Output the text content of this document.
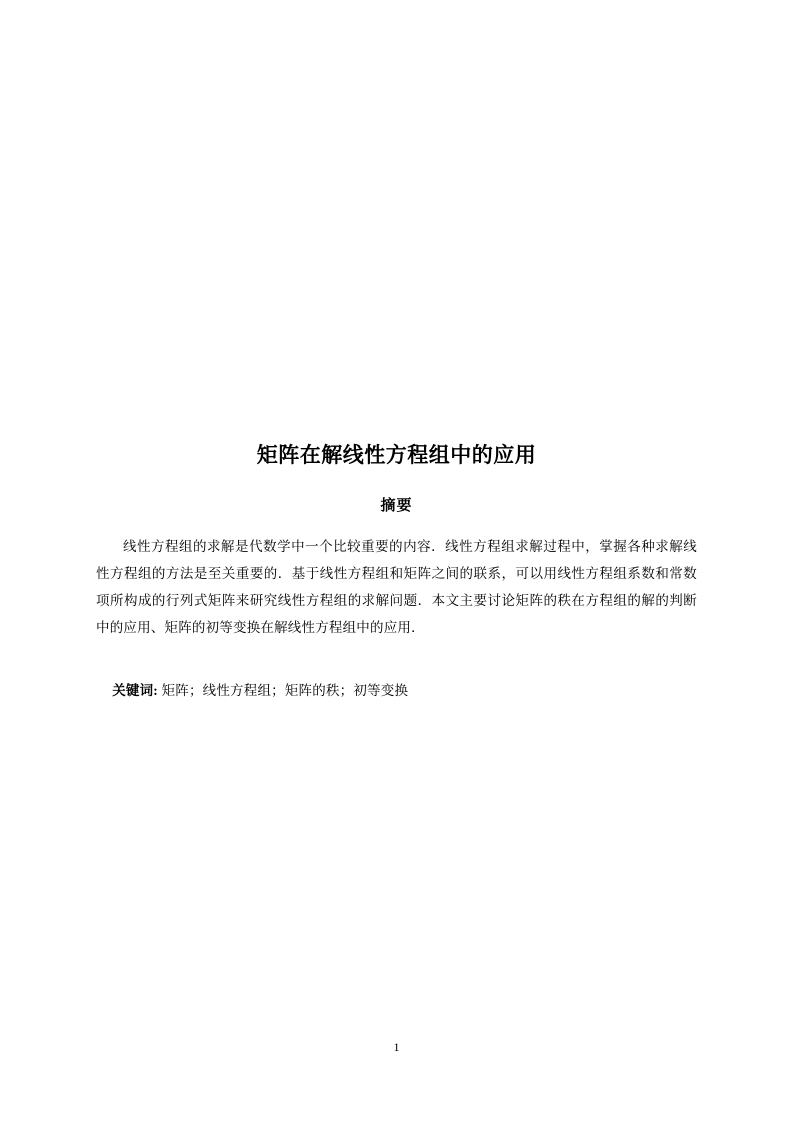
矩阵在解线性方程组中的应用
摘要

线性方程组的求解是代数学中一个比较重要的内容．线性方程组求解过程中，掌握各种求解线性方程组的方法是至关重要的．基于线性方程组和矩阵之间的联系，可以用线性方程组系数和常数项所构成的行列式矩阵来研究线性方程组的求解问题．本文主要讨论矩阵的秩在方程组的解的判断中的应用、矩阵的初等变换在解线性方程组中的应用．

关键词: 矩阵；线性方程组；矩阵的秩；初等变换

1
